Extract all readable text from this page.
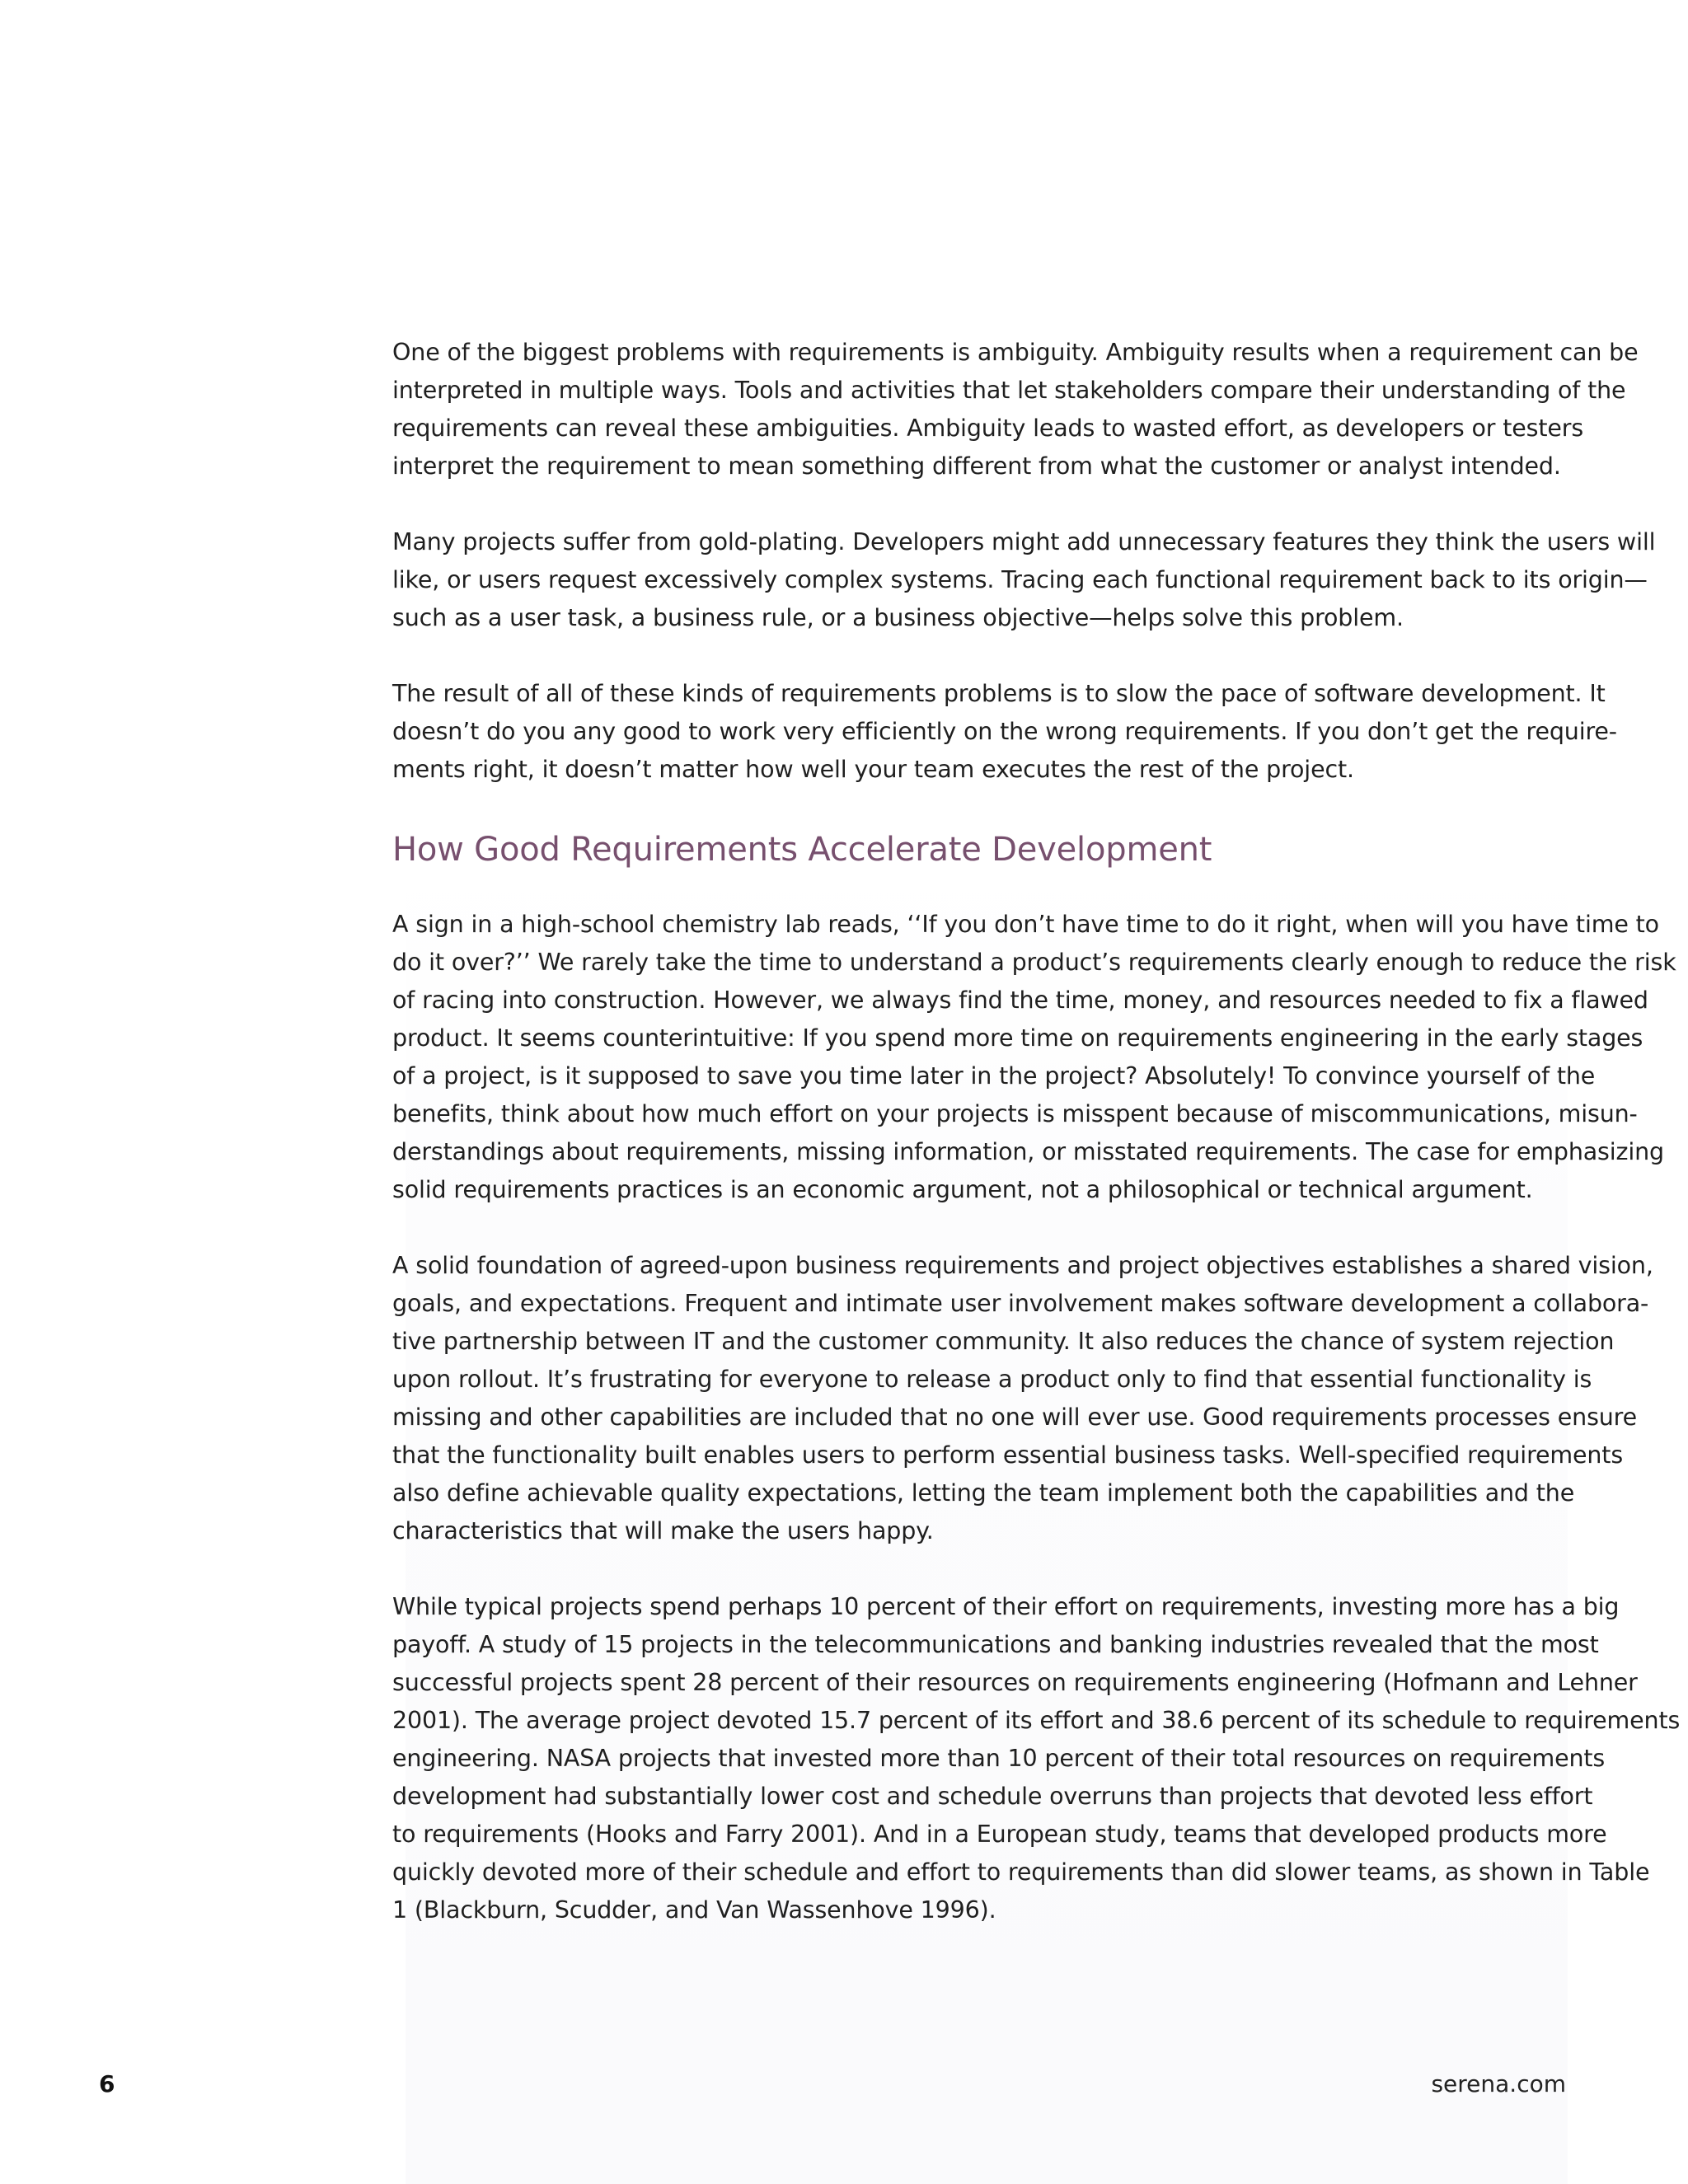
One of the biggest problems with requirements is ambiguity. Ambiguity results when a requirement can be
interpreted in multiple ways. Tools and activities that let stakeholders compare their understanding of the
requirements can reveal these ambiguities. Ambiguity leads to wasted effort, as developers or testers
interpret the requirement to mean something different from what the customer or analyst intended.

Many projects suffer from gold-plating. Developers might add unnecessary features they think the users will
like, or users request excessively complex systems. Tracing each functional requirement back to its origin—
such as a user task, a business rule, or a business objective—helps solve this problem.

The result of all of these kinds of requirements problems is to slow the pace of software development. It
doesn’t do you any good to work very efficiently on the wrong requirements. If you don’t get the require-
ments right, it doesn’t matter how well your team executes the rest of the project.

How Good Requirements Accelerate Development

A sign in a high-school chemistry lab reads, ‘‘If you don’t have time to do it right, when will you have time to
do it over?’’ We rarely take the time to understand a product’s requirements clearly enough to reduce the risk
of racing into construction. However, we always find the time, money, and resources needed to fix a flawed
product. It seems counterintuitive: If you spend more time on requirements engineering in the early stages
of a project, is it supposed to save you time later in the project? Absolutely! To convince yourself of the
benefits, think about how much effort on your projects is misspent because of miscommunications, misun-
derstandings about requirements, missing information, or misstated requirements. The case for emphasizing
solid requirements practices is an economic argument, not a philosophical or technical argument.

A solid foundation of agreed-upon business requirements and project objectives establishes a shared vision,
goals, and expectations. Frequent and intimate user involvement makes software development a collabora-
tive partnership between IT and the customer community. It also reduces the chance of system rejection
upon rollout. It’s frustrating for everyone to release a product only to find that essential functionality is
missing and other capabilities are included that no one will ever use. Good requirements processes ensure
that the functionality built enables users to perform essential business tasks. Well-specified requirements
also define achievable quality expectations, letting the team implement both the capabilities and the
characteristics that will make the users happy.

While typical projects spend perhaps 10 percent of their effort on requirements, investing more has a big
payoff. A study of 15 projects in the telecommunications and banking industries revealed that the most
successful projects spent 28 percent of their resources on requirements engineering (Hofmann and Lehner
2001). The average project devoted 15.7 percent of its effort and 38.6 percent of its schedule to requirements
engineering. NASA projects that invested more than 10 percent of their total resources on requirements
development had substantially lower cost and schedule overruns than projects that devoted less effort
to requirements (Hooks and Farry 2001). And in a European study, teams that developed products more
quickly devoted more of their schedule and effort to requirements than did slower teams, as shown in Table
1 (Blackburn, Scudder, and Van Wassenhove 1996).

6	serena.com
